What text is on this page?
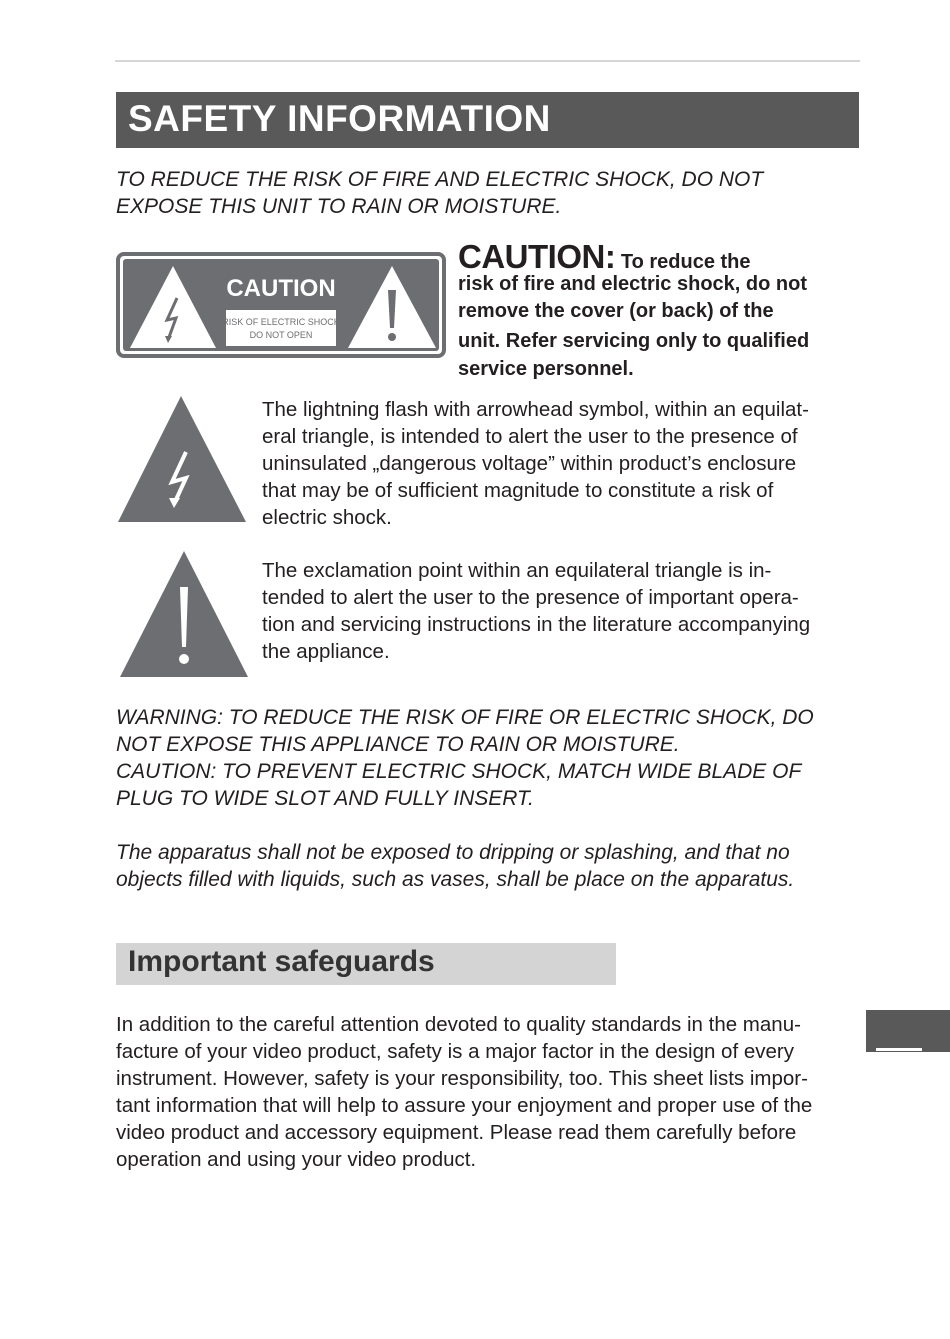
SAFETY INFORMATION
TO REDUCE THE RISK OF FIRE AND ELECTRIC SHOCK, DO NOT
EXPOSE THIS UNIT TO RAIN OR MOISTURE.
CAUTION
RISK OF ELECTRIC SHOCK
DO NOT OPEN
CAUTION: To reduce the
risk of fire and electric shock, do not
remove the cover (or back) of the
unit. Refer servicing only to qualified
service personnel.
The lightning flash with arrowhead symbol, within an equilat-
eral triangle, is intended to alert the user to the presence of
uninsulated „dangerous voltage” within product’s enclosure
that may be of sufficient magnitude to constitute a risk of
electric shock.
The exclamation point within an equilateral triangle is in-
tended to alert the user to the presence of important opera-
tion and servicing instructions in the literature accompanying
the appliance.
WARNING: TO REDUCE THE RISK OF FIRE OR ELECTRIC SHOCK, DO
NOT EXPOSE THIS APPLIANCE TO RAIN OR MOISTURE.
CAUTION: TO PREVENT ELECTRIC SHOCK, MATCH WIDE BLADE OF
PLUG TO WIDE SLOT AND FULLY INSERT.
The apparatus shall not be exposed to dripping or splashing, and that no
objects filled with liquids, such as vases, shall be place on the apparatus.
Important safeguards
In addition to the careful attention devoted to quality standards in the manu-
facture of your video product, safety is a major factor in the design of every
instrument. However, safety is your responsibility, too. This sheet lists impor-
tant information that will help to assure your enjoyment and proper use of the
video product and accessory equipment. Please read them carefully before
operation and using your video product.
